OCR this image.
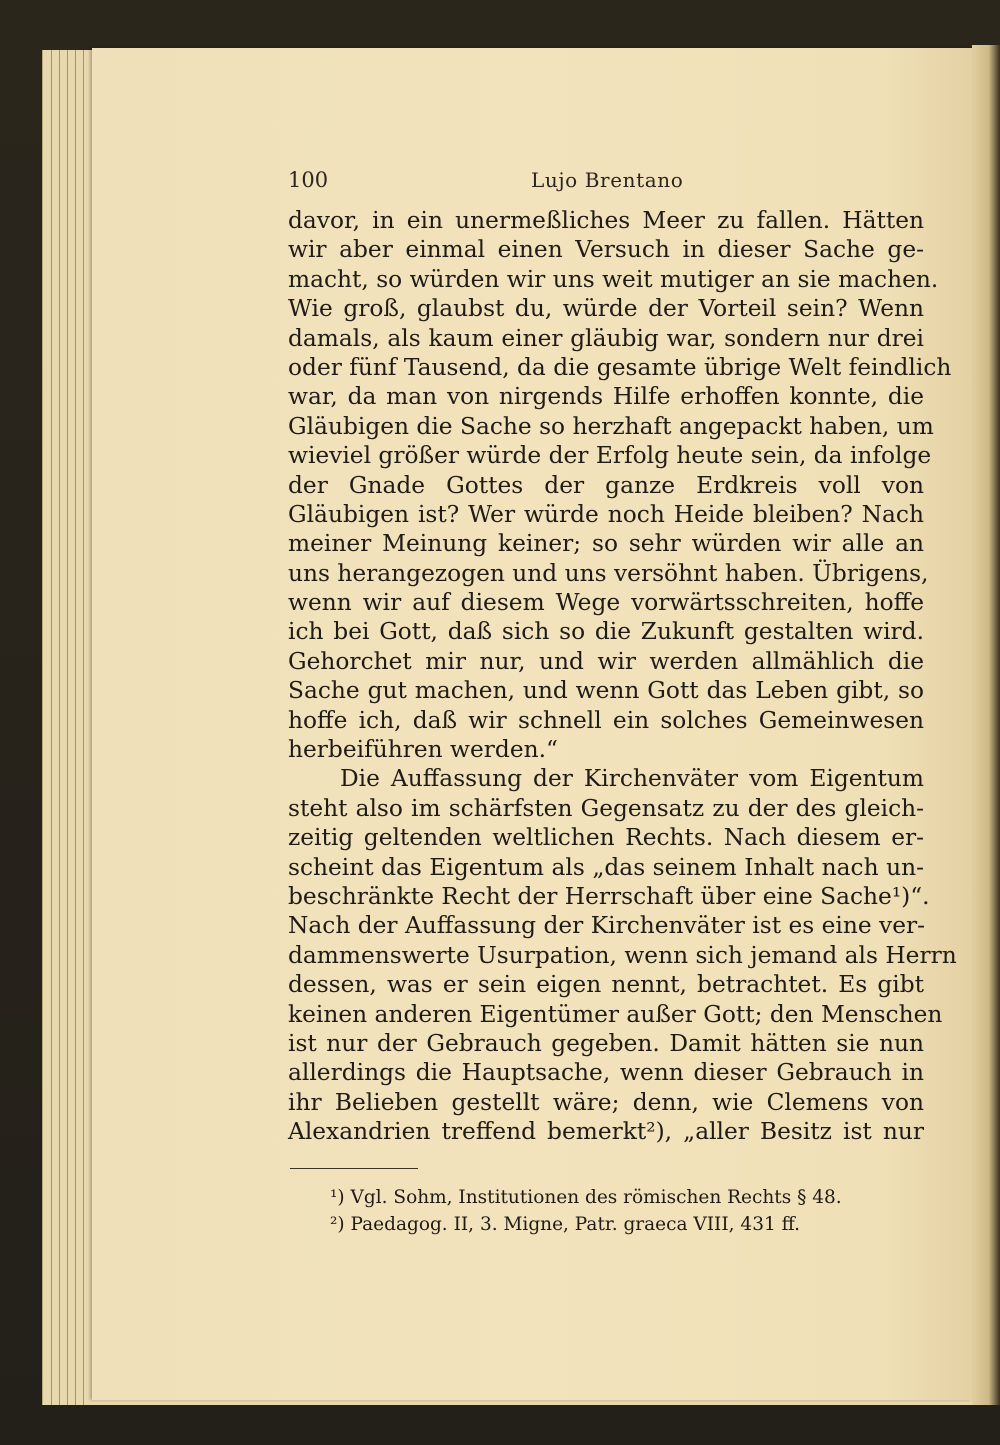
100	Lujo Brentano
davor, in ein unermeßliches Meer zu fallen. Hätten
wir aber einmal einen Versuch in dieser Sache ge-
macht, so würden wir uns weit mutiger an sie machen.
Wie groß, glaubst du, würde der Vorteil sein? Wenn
damals, als kaum einer gläubig war, sondern nur drei
oder fünf Tausend, da die gesamte übrige Welt feindlich
war, da man von nirgends Hilfe erhoffen konnte, die
Gläubigen die Sache so herzhaft angepackt haben, um
wieviel größer würde der Erfolg heute sein, da infolge
der Gnade Gottes der ganze Erdkreis voll von
Gläubigen ist? Wer würde noch Heide bleiben? Nach
meiner Meinung keiner; so sehr würden wir alle an
uns herangezogen und uns versöhnt haben. Übrigens,
wenn wir auf diesem Wege vorwärtsschreiten, hoffe
ich bei Gott, daß sich so die Zukunft gestalten wird.
Gehorchet mir nur, und wir werden allmählich die
Sache gut machen, und wenn Gott das Leben gibt, so
hoffe ich, daß wir schnell ein solches Gemeinwesen
herbeiführen werden.“
Die Auffassung der Kirchenväter vom Eigentum
steht also im schärfsten Gegensatz zu der des gleich-
zeitig geltenden weltlichen Rechts. Nach diesem er-
scheint das Eigentum als „das seinem Inhalt nach un-
beschränkte Recht der Herrschaft über eine Sache¹)“.
Nach der Auffassung der Kirchenväter ist es eine ver-
dammenswerte Usurpation, wenn sich jemand als Herrn
dessen, was er sein eigen nennt, betrachtet. Es gibt
keinen anderen Eigentümer außer Gott; den Menschen
ist nur der Gebrauch gegeben. Damit hätten sie nun
allerdings die Hauptsache, wenn dieser Gebrauch in
ihr Belieben gestellt wäre; denn, wie Clemens von
Alexandrien treffend bemerkt²), „aller Besitz ist nur
¹) Vgl. Sohm, Institutionen des römischen Rechts § 48.
²) Paedagog. II, 3. Migne, Patr. graeca VIII, 431 ff.
